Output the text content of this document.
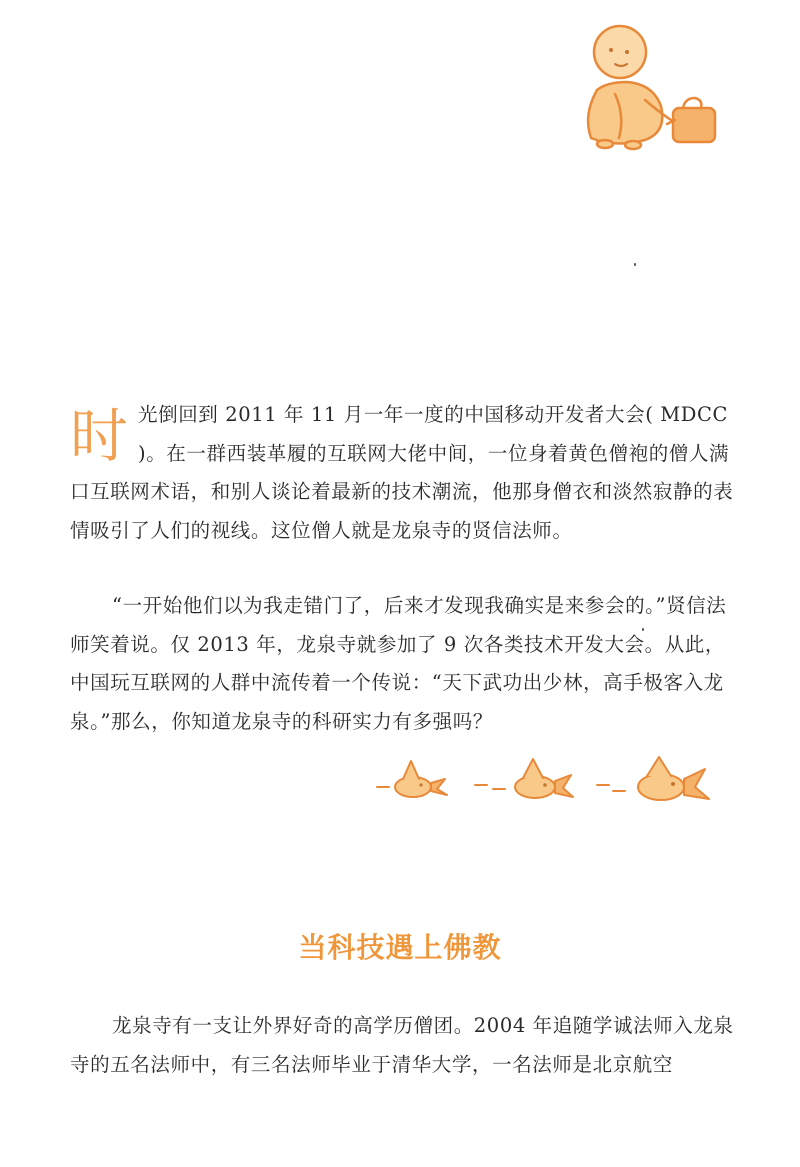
时光倒回到 2011 年 11 月一年一度的中国移动开发者大会( MDCC )。在一群西装革履的互联网大佬中间，一位身着黄色僧袍的僧人满口互联网术语，和别人谈论着最新的技术潮流，他那身僧衣和淡然寂静的表情吸引了人们的视线。这位僧人就是龙泉寺的贤信法师。

“一开始他们以为我走错门了，后来才发现我确实是来参会的。”贤信法师笑着说。仅 2013 年，龙泉寺就参加了 9 次各类技术开发大会。从此，中国玩互联网的人群中流传着一个传说：“天下武功出少林，高手极客入龙泉。”那么，你知道龙泉寺的科研实力有多强吗？

当科技遇上佛教

龙泉寺有一支让外界好奇的高学历僧团。2004 年追随学诚法师入龙泉寺的五名法师中，有三名法师毕业于清华大学，一名法师是北京航空
